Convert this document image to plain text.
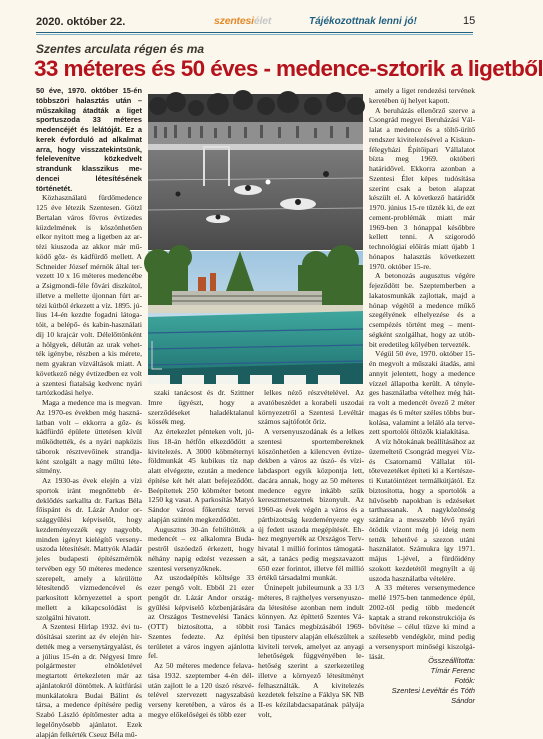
2020. október 22.	szentesiélet	Tájékozottnak lenni jó!	15
Szentes arculata régen és ma
33 méteres és 50 éves - medence-sztorik a ligetből

50 éve, 1970. október 15-én többszöri halasztás után – műszakilag átadták a liget sportuszoda 33 méteres medencéjét és lelátóját. Ez a kerek évforduló ad alkalmat arra, hogy visszatekintsünk, felelevenítve közkedvelt strandunk klasszikus medencei létesítésének történetét.

Közhasználatú fürdőmedence 125 éve létezik Szentesen. Götzl Bertalan város fővros évtizedes küzdelmének is köszönhetően elkor nyitott meg a ligetben az artézi kiuszoda az akkor már működő gőz- és kádfürdő mellett. A Schneider József mérnök által tervezett 10 x 16 méteres medencébe a Zsigmondi-féle fővári diszkútol, illetve a mellette újonnan fúrt artézi kútból érkezett a víz. 1895. július 14-én kezdte fogadni látogatóit, a belépő- és kabin-használati díj 10 krajcár volt. Délelőttönként a hölgyek, délután az urak vehették igénybe, részben a kis mérete, nem gyakran vízváltások miatt. A következő négy évtizedben ez volt a szentesi fiatalság kedvenc nyári tartózkodási helye.

Maga a medence ma is megvan. Az 1970-es években még használatban volt – ekkorra a gőz- és kádfürdő épülete üttetésen kívül működtették, és a nyári napközis táborok résztvevőinek strandjaként szolgált a nagy műltú létesítmény.

Az 1930-as évek elején a vízi sportok iránt megnőttebb érdeklődés sarkallta dr. Farkas Béla főispánt és dr. Lázár Andor országgyűlési képviselőt, hogy kezdeményezzék egy nagyobb, minden igényt kielégítő versenyuszoda létesítését. Mattyók Aladár jeles budapesti építészmérnök tervében egy 50 méteres medence szerepelt, amely a körülötte létesítendő vízmedencével és parkosított környezettel a sport mellett a kikapcsolódást is szolgálni hivatott.

A Szentesi Hírlap 1932. évi tudósításai szerint az év elején hirdették meg a versenytárgyalást, és a július 15-én a dr. Négyesi Imre polgármester elnökletével megtartott értekezleten már az ajánlatokról döntöttek. A kútfúrási munkálatokra Budai Bálint és társa, a medence építésére pedig Szabó László építőmester adta a legelőnyösebb ajánlatot. Ezek alapján felkérték Cseuz Béla mű-

szaki tanácsost és dr. Szittner Imre ügyészt, hogy a szerződéseket haladéktalanul kössék meg.

Az értekezlet pénteken volt, július 18-án hétfőn elkezdődött a kivitelezés. A 3000 köbméternyi földmunkát 45 kubikus tíz nap alatt elvégezte, ezután a medence építése két hét alatt befejeződött. Beépítettek 250 köbméter betont 1250 kg vasat. A parkosítás Matyó Sándor városi főkertész tervei alapján szintén megkezdődött.

Augusztus 30-án feltöltötték a medencét – ez alkalomra Budapestről úszóedző érkezett, hogy néhány napig edzést vezessen a szentesi versenyzőknek.

Az uszodaépítés költsége 33 ezer pengő volt. Ebből 21 ezer pengőt dr. Lázár Andor országgyűlési képviselő közbenjárására az Országos Testnevelési Tanács (OTT) biztosította, a többit Szentes fedezte. Az építési területet a város ingyen ajánlotta fel.

Az 50 méteres medence felavatása 1932. szeptember 4-én délután zajlott le a 120 úszó részvételével szervezett nagyszabású verseny keretében, a város és a megye előkelőségei és több ezer

lelkes néző részvételével. Az avatóbeszédet a korabeli uszodai környezetről a Szentesi Levéltár számos sajtófotót őriz.

A versenyuszodának és a lelkes szentesi sportembereknek köszönhetően a kilencven évtizedekben a város az úszó- és vízilabdasport egyik központja lett, dacára annak, hogy az 50 méteres medence egyre inkább szűk keresztmetszetnek bizonyult. Az 1960-as évek végén a város és a pártbizottság kezdeményezte egy új fedett uszoda megépítését. Ehhez megnyerték az Országos Tervhivatal 1 millió forintos támogatását, a tanács pedig megszavazott 650 ezer forintot, illetve fél millió értékű társadalmi munkát.

Úninepelt jubileumunk a 33 1/3 méteres, 8 rajthelyes versenyuszoda létesítése azonban nem indult könnyen. Az építtető Szentes Városi Tanács megbízásából 1969-ben tipusterv alapján elkészültek a kiviteli tervek, amelyet az anyagi lehetőségek függvényében lehetőség szerint a szerkezetileg illetve a környező létesítményt felhasználták. A kivitelezés kezdetek felszíne a Fáklya SK NB II-es kézilabdacsapatának pályája volt,

amely a liget rendezési tervének keretében új helyet kapott.

A beruházás ellenőrző szerve a Csongrád megyei Beruházási Vállalat a medence és a töltő-ürítő rendszer kivitelezésével a Kiskunfélegyházi Építőipari Vállalatot bízta meg 1969. októberi határidővel. Ekkorra azonban a Szentesi Élet képes tudósítása szerint csak a beton alapzat készült el. A következő határidőt 1970. június 15-re tűzték ki, de ezt cement-problémák miatt már 1969-ben 3 hónappal későbbre kellett tenni. A szigorodó technológiai előírás miatt újabb 1 hónapos halasztás következett 1970. október 15-re.

A betonozás augusztus végére fejeződött be. Szeptemberben a lakatosmunkák zajlottak, majd a hónap végétől a medence műkő szegélyének elhelyezése és a csempézés történt meg – mentségként szolgálhat, hogy az utóbbit eredetileg kőlyében tervezték.

Végül 50 éve, 1970. október 15-én megvolt a műszaki átadás, ami annyit jelentett, hogy a medence vízzel állapotba került. A tényleges használatba vételhez még hátra volt a medencét övező 2 méter magas és 6 méter széles többs burkolása, valamint a leláló ala tervezett sportolói öltözők kialakítása.

A víz hőtokának beállításához az üzemeltető Csongrád megyei Víz- és Csatornamű Vállalat töltőtevezetéket építeti ki a Kertészeti Kutatóintézet termálkútjától. Ez biztosította, hogy a sportolók a hűvösebb napokban is edzéseket tarthassanak. A nagyközönség számára a messzebb lévő nyári ötödik vízont még jó ideig nem tették lehetővé a szezon utáni használatot. Számukra így 1971. május 1-jével, a fürdőidény szokott kezdetétől megnyílt a új uszoda használatba vételére.

A 33 méteres versenymedence mellé 1975-ben tanmedence épül, 2002-től pedig több medencét kaptak a strand rekonstrukciója és bővítése – célul tűzve ki mind a szélesebb vendégkör, mind pedig a versenysport minőségi kiszolgálását.	Összeállította:
Tímár Ferenc
Fotók:
Szentesi Levéltár és Tóth Sándor
